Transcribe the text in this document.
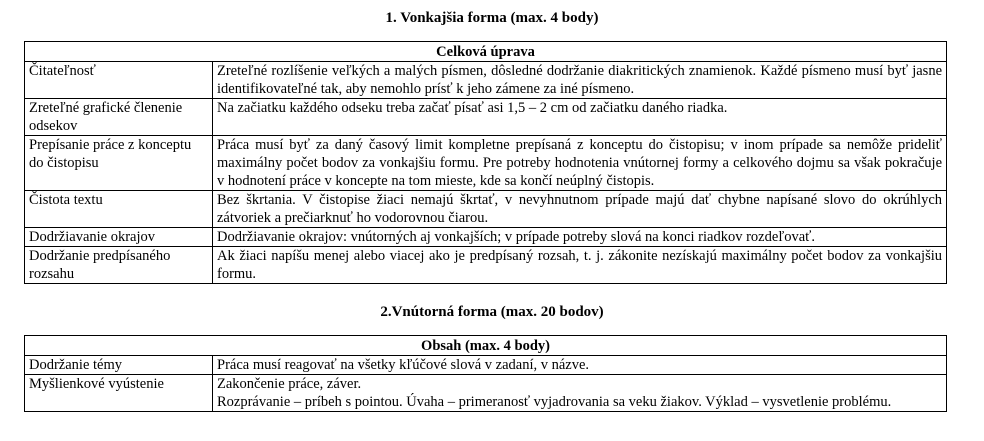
1. Vonkajšia forma (max. 4 body)
Celková úprava	
Čitateľnosť	Zreteľné rozlíšenie veľkých a malých písmen, dôsledné dodržanie diakritických znamienok. Každé písmeno musí byť jasne identifikovateľné tak, aby nemohlo prísť k jeho zámene za iné písmeno.
Zreteľné grafické členenie odsekov	Na začiatku každého odseku treba začať písať asi 1,5 – 2 cm od začiatku daného riadka.
Prepísanie práce z konceptu do čistopisu	Práca musí byť za daný časový limit kompletne prepísaná z konceptu do čistopisu; v inom prípade sa nemôže prideliť maximálny počet bodov za vonkajšiu formu. Pre potreby hodnotenia vnútornej formy a celkového dojmu sa však pokračuje v hodnotení práce v koncepte na tom mieste, kde sa končí neúplný čistopis.
Čistota textu	Bez škrtania. V čistopise žiaci nemajú škrtať, v nevyhnutnom prípade majú dať chybne napísané slovo do okrúhlych zátvoriek a prečiarknuť ho vodorovnou čiarou.
Dodržiavanie okrajov	Dodržiavanie okrajov: vnútorných aj vonkajších; v prípade potreby slová na konci riadkov rozdeľovať.
Dodržanie predpísaného rozsahu	Ak žiaci napíšu menej alebo viacej ako je predpísaný rozsah, t. j. zákonite nezískajú maximálny počet bodov za vonkajšiu formu.
2.Vnútorná forma (max. 20 bodov)
Obsah (max. 4 body)	
Dodržanie témy	Práca musí reagovať na všetky kľúčové slová v zadaní, v názve.
Myšlienkové vyústenie	Zakončenie práce, záver.
Rozprávanie – príbeh s pointou. Úvaha – primeranosť vyjadrovania sa veku žiakov. Výklad – vysvetlenie problému.
